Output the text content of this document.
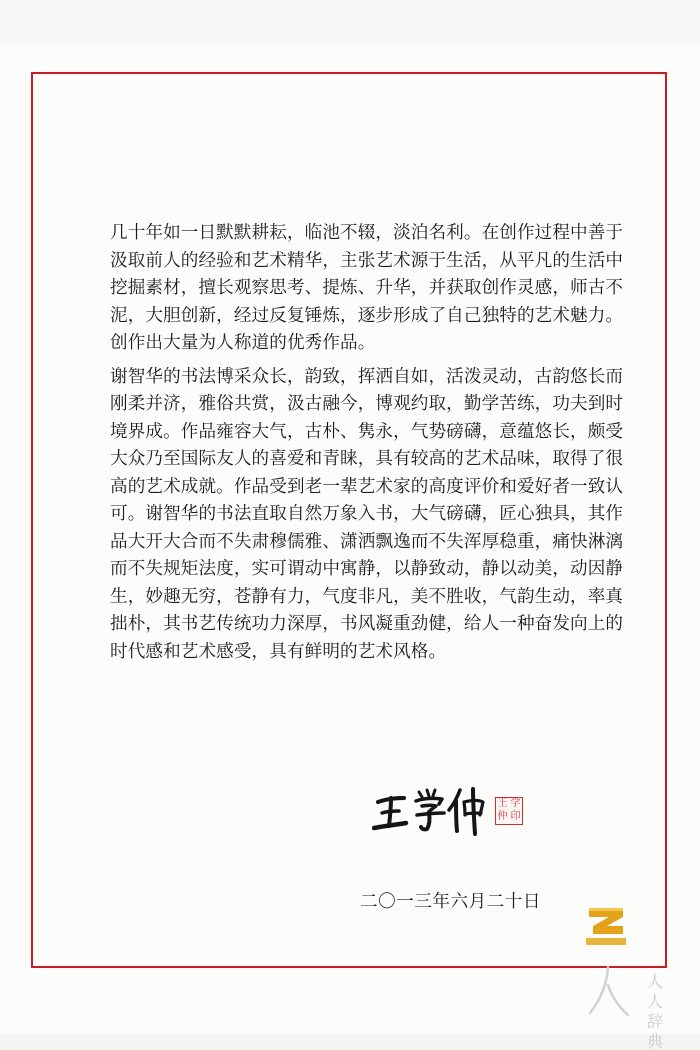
几十年如一日默默耕耘，临池不辍，淡泊名利。在创作过程中善于汲取前人的经验和艺术精华，主张艺术源于生活，从平凡的生活中挖掘素材，擅长观察思考、提炼、升华，并获取创作灵感，师古不泥，大胆创新，经过反复锤炼，逐步形成了自己独特的艺术魅力。创作出大量为人称道的优秀作品。

谢智华的书法博采众长，韵致，挥洒自如，活泼灵动，古韵悠长而刚柔并济，雅俗共赏，汲古融今，博观约取，勤学苦练，功夫到时境界成。作品雍容大气，古朴、隽永，气势磅礴，意蕴悠长，颇受大众乃至国际友人的喜爱和青睐，具有较高的艺术品味，取得了很高的艺术成就。作品受到老一辈艺术家的高度评价和爱好者一致认可。谢智华的书法直取自然万象入书，大气磅礴，匠心独具，其作品大开大合而不失肃穆儒雅、潇洒飘逸而不失浑厚稳重，痛快淋漓而不失规矩法度，实可谓动中寓静，以静致动，静以动美，动因静生，妙趣无穷，苍静有力，气度非凡，美不胜收，气韵生动，率真拙朴，其书艺传统功力深厚，书风凝重劲健，给人一种奋发向上的时代感和艺术感受，具有鲜明的艺术风格。

王 学
仲 印
二〇一三年六月二十日
人人辞典
